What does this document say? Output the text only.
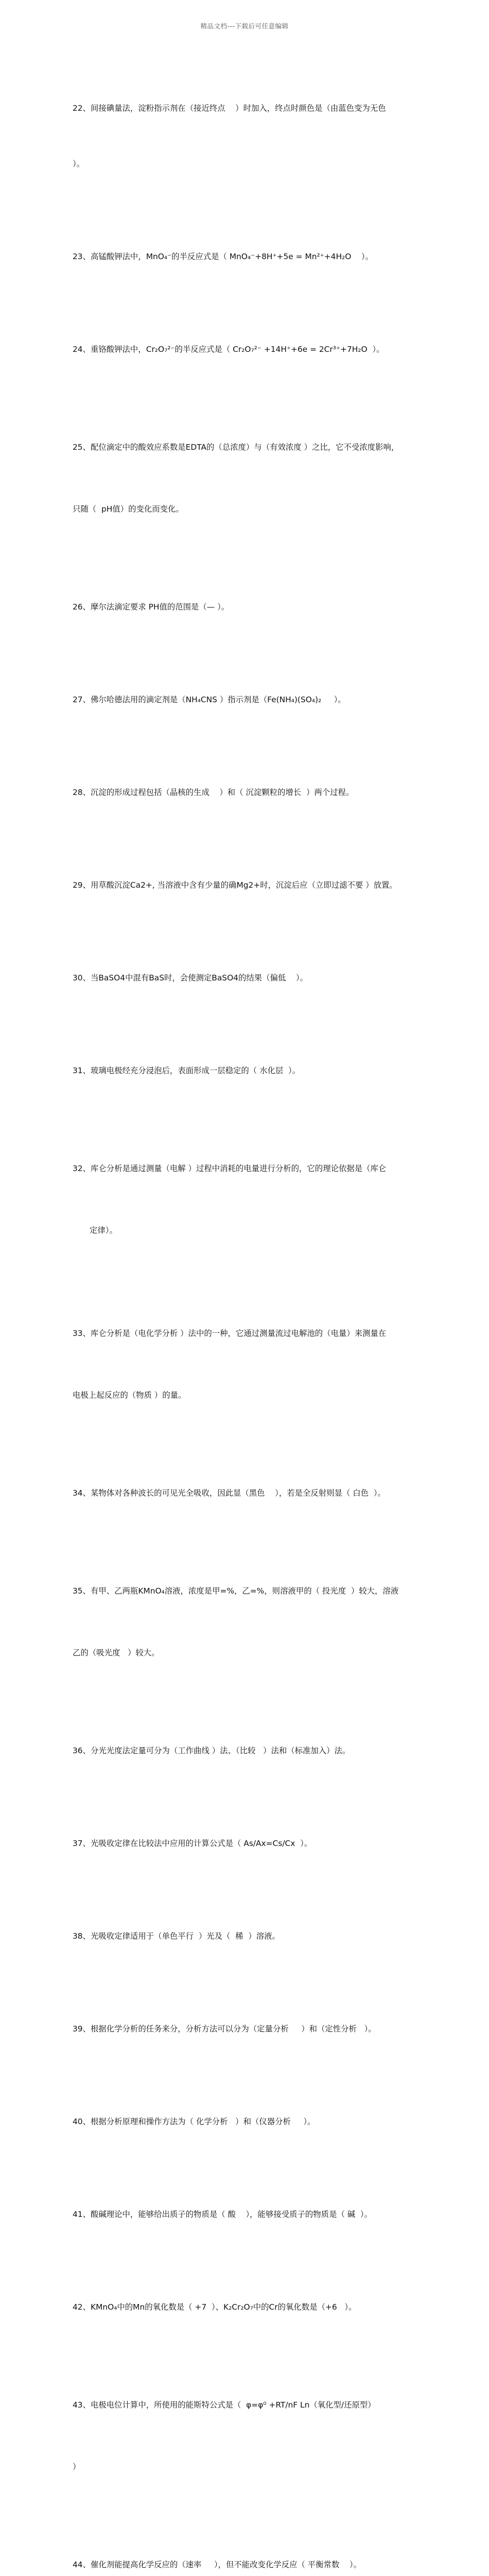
精品文档---下载后可任意编辑

22、间接碘量法，淀粉指示剂在（接近终点    ）时加入，终点时颜色是（由蓝色变为无色

）。

23、高锰酸钾法中，MnO₄⁻的半反应式是（ MnO₄⁻+8H⁺+5e = Mn²⁺+4H₂O    ）。

24、重铬酸钾法中，Cr₂O₇²⁻的半反应式是（ Cr₂O₇²⁻ +14H⁺+6e = 2Cr³⁺+7H₂O  ）。

25、配位滴定中的酸效应系数是EDTA的（总浓度）与（有效浓度 ）之比，它不受浓度影响，

只随（  pH值）的变化而变化。

26、摩尔法滴定要求 PH值的范围是（— ）。

27、佛尔哈德法用的滴定剂是（NH₄CNS ）指示剂是（Fe(NH₄)(SO₄)₂     ）。

28、沉淀的形成过程包括（晶核的生成    ）和（ 沉淀颗粒的增长  ）两个过程。

29、用草酸沉淀Ca2+, 当溶液中含有少量的确Mg2+时，沉淀后应（立即过滤不要 ）放置。

30、当BaSO4中混有BaS时，会使测定BaSO4的结果（偏低    ）。

31、玻璃电极经充分浸泡后，表面形成一层稳定的（ 水化层  ）。

32、库仑分析是通过测量（电解 ）过程中消耗的电量进行分析的，它的理论依据是（库仑

定律）。

33、库仑分析是（电化学分析 ）法中的一种，它通过测量流过电解池的（电量）来测量在

电极上起反应的（物质 ）的量。

34、某物体对各种波长的可见光全吸收，因此显（黑色    ），若是全反射则显（ 白色  ）。

35、有甲、乙两瓶KMnO₄溶液，浓度是甲=%，乙=%，则溶液甲的（ 投光度  ）较大，溶液

乙的（吸光度   ）较大。

36、分光光度法定量可分为（工作曲线 ）法、（比较   ）法和（标准加入）法。

37、光吸收定律在比较法中应用的计算公式是（ As/Ax=Cs/Cx  ）。

38、光吸收定律适用于（单色平行  ）光及（  稀  ）溶液。

39、根据化学分析的任务来分，分析方法可以分为（定量分析     ）和（定性分析   ）。

40、根据分析原理和操作方法为（ 化学分析   ）和（仪器分析     ）。

41、酸碱理论中，能够给出质子的物质是（ 酸    ），能够接受质子的物质是（ 碱  ）。

42、KMnO₄中的Mn的氧化数是（ +7  ）、K₂Cr₂O₇中的Cr的氧化数是（+6   ）。

43、电极电位计算中，所使用的能斯特公式是（  φ=φ⁰ +RT/nF Ln（氧化型/还原型）

）

44、催化剂能提高化学反应的（速率     ），但不能改变化学反应（ 平衡常数    ）。
